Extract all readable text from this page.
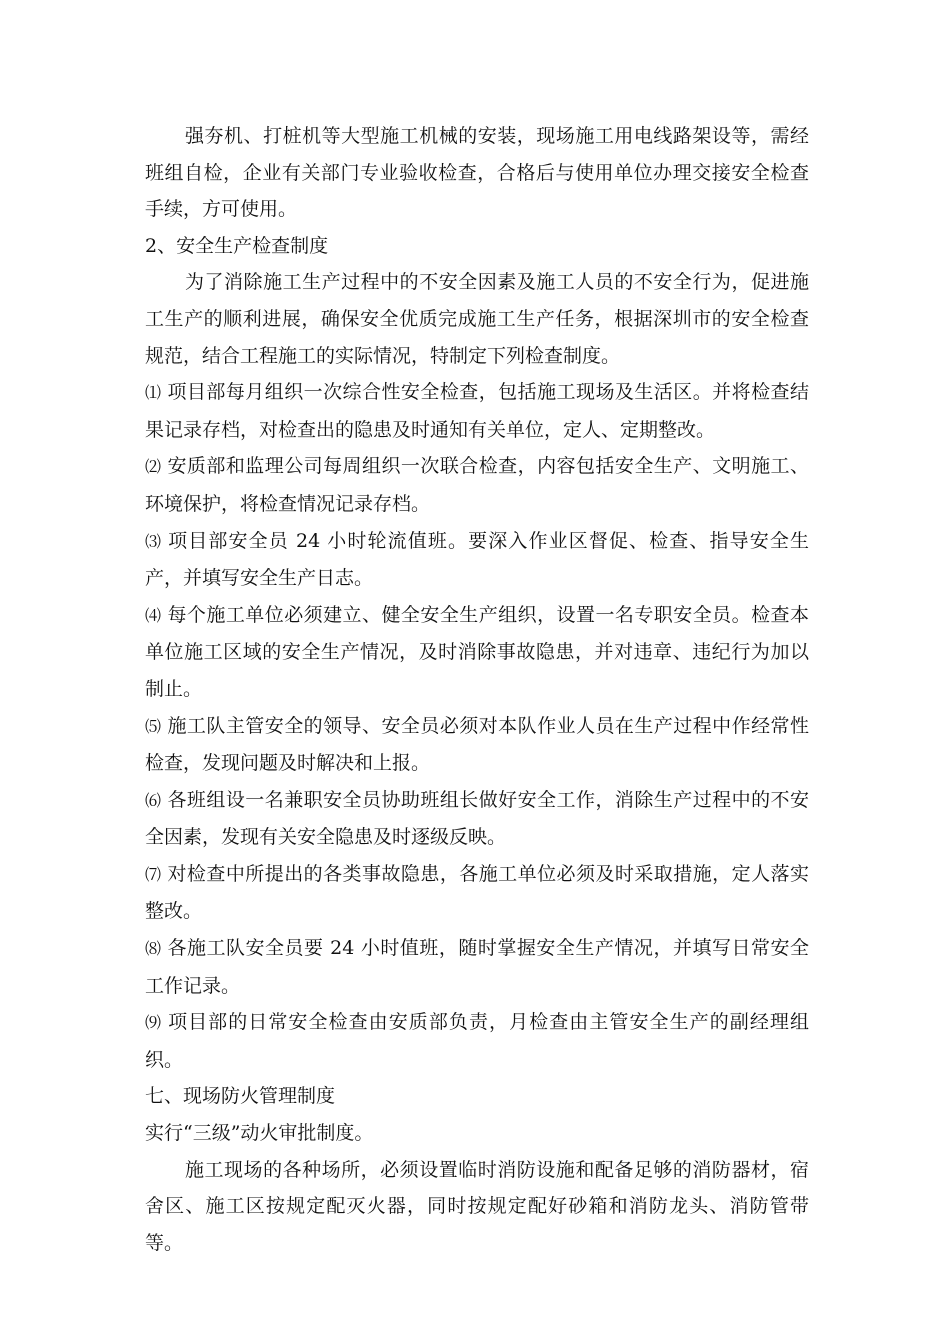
强夯机、打桩机等大型施工机械的安装，现场施工用电线路架设等，需经班组自检，企业有关部门专业验收检查，合格后与使用单位办理交接安全检查手续，方可使用。

2、安全生产检查制度

为了消除施工生产过程中的不安全因素及施工人员的不安全行为，促进施工生产的顺利进展，确保安全优质完成施工生产任务，根据深圳市的安全检查规范，结合工程施工的实际情况，特制定下列检查制度。

⑴ 项目部每月组织一次综合性安全检查，包括施工现场及生活区。并将检查结果记录存档，对检查出的隐患及时通知有关单位，定人、定期整改。

⑵ 安质部和监理公司每周组织一次联合检查，内容包括安全生产、文明施工、环境保护，将检查情况记录存档。

⑶ 项目部安全员 24 小时轮流值班。要深入作业区督促、检查、指导安全生产，并填写安全生产日志。

⑷ 每个施工单位必须建立、健全安全生产组织，设置一名专职安全员。检查本单位施工区域的安全生产情况，及时消除事故隐患，并对违章、违纪行为加以制止。

⑸ 施工队主管安全的领导、安全员必须对本队作业人员在生产过程中作经常性检查，发现问题及时解决和上报。

⑹ 各班组设一名兼职安全员协助班组长做好安全工作，消除生产过程中的不安全因素，发现有关安全隐患及时逐级反映。

⑺ 对检查中所提出的各类事故隐患，各施工单位必须及时采取措施，定人落实整改。

⑻ 各施工队安全员要 24 小时值班，随时掌握安全生产情况，并填写日常安全工作记录。

⑼ 项目部的日常安全检查由安质部负责，月检查由主管安全生产的副经理组织。

七、现场防火管理制度

实行“三级”动火审批制度。

施工现场的各种场所，必须设置临时消防设施和配备足够的消防器材，宿舍区、施工区按规定配灭火器，同时按规定配好砂箱和消防龙头、消防管带等。
